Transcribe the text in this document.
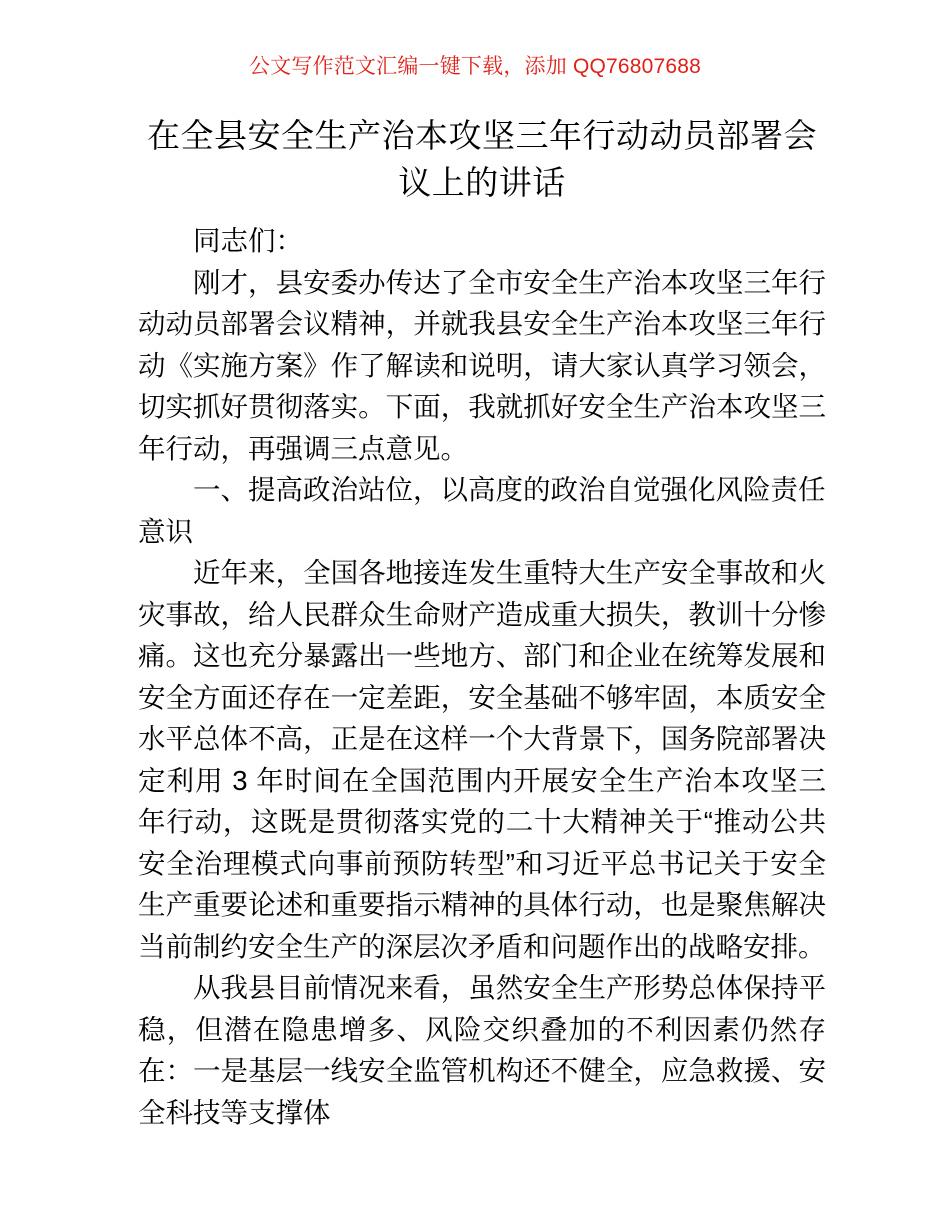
公文写作范文汇编一键下载，添加 QQ76807688
在全县安全生产治本攻坚三年行动动员部署会议上的讲话

同志们：

刚才，县安委办传达了全市安全生产治本攻坚三年行动动员部署会议精神，并就我县安全生产治本攻坚三年行动《实施方案》作了解读和说明，请大家认真学习领会，切实抓好贯彻落实。下面，我就抓好安全生产治本攻坚三年行动，再强调三点意见。

一、提高政治站位，以高度的政治自觉强化风险责任意识

近年来，全国各地接连发生重特大生产安全事故和火灾事故，给人民群众生命财产造成重大损失，教训十分惨痛。这也充分暴露出一些地方、部门和企业在统筹发展和安全方面还存在一定差距，安全基础不够牢固，本质安全水平总体不高，正是在这样一个大背景下，国务院部署决定利用 3 年时间在全国范围内开展安全生产治本攻坚三年行动，这既是贯彻落实党的二十大精神关于“推动公共安全治理模式向事前预防转型”和习近平总书记关于安全生产重要论述和重要指示精神的具体行动，也是聚焦解决当前制约安全生产的深层次矛盾和问题作出的战略安排。

从我县目前情况来看，虽然安全生产形势总体保持平稳，但潜在隐患增多、风险交织叠加的不利因素仍然存在：一是基层一线安全监管机构还不健全，应急救援、安全科技等支撑体
